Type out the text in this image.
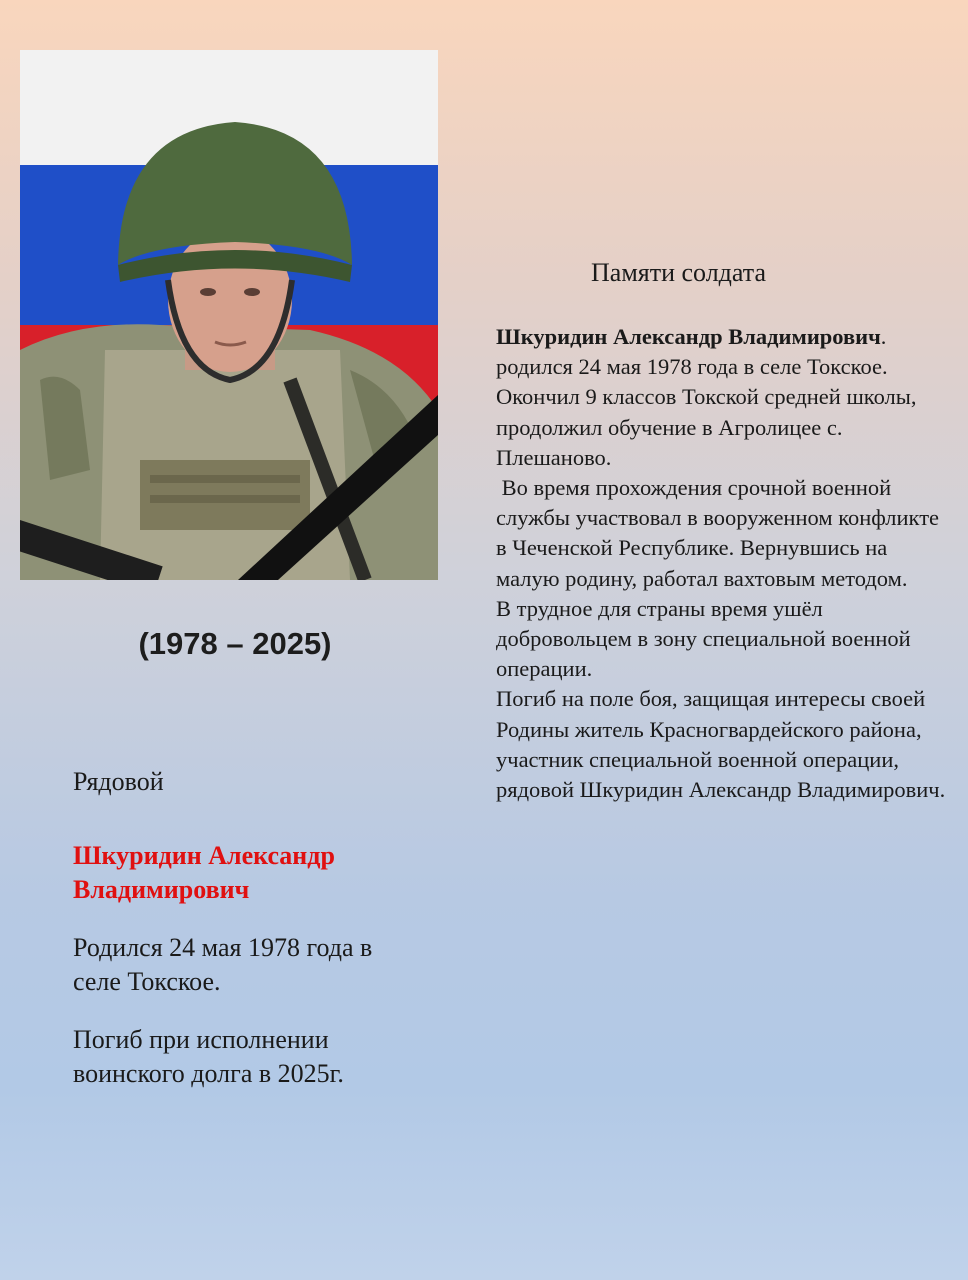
(1978 – 2025)

Рядовой

Шкуридин Александр Владимирович

Родился 24 мая 1978 года в селе Токское.

Погиб при исполнении воинского долга в 2025г.

Памяти солдата

Шкуридин Александр Владимирович. родился 24 мая 1978 года в селе Токское. Окончил 9 классов Токской средней школы, продолжил обучение в Агролицее с. Плешаново.

Во время прохождения срочной военной службы участвовал в вооруженном конфликте в Чеченской Республике. Вернувшись на малую родину, работал вахтовым методом.

В трудное для страны время ушёл добровольцем в зону специальной военной операции.

Погиб на поле боя, защищая интересы своей Родины житель Красногвардейского района, участник специальной военной операции, рядовой Шкуридин Александр Владимирович.
